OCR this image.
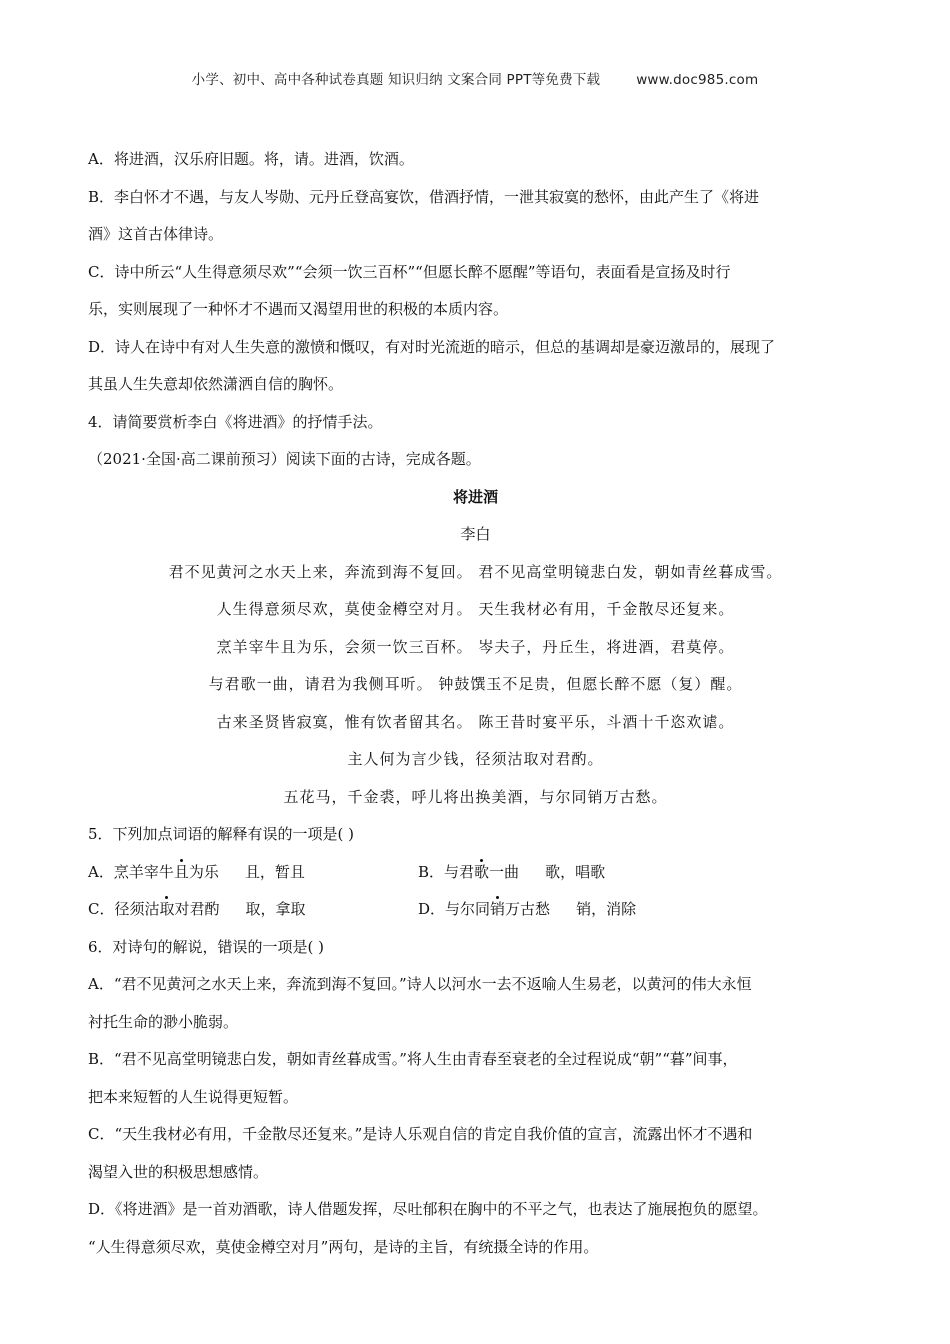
小学、初中、高中各种试卷真题 知识归纳 文案合同 PPT等免费下载	www.doc985.com

A．将进酒，汉乐府旧题。将，请。进酒，饮酒。

B．李白怀才不遇，与友人岑勋、元丹丘登高宴饮，借酒抒情，一泄其寂寞的愁怀，由此产生了《将进

酒》这首古体律诗。

C．诗中所云“人生得意须尽欢”“会须一饮三百杯”“但愿长醉不愿醒”等语句，表面看是宣扬及时行

乐，实则展现了一种怀才不遇而又渴望用世的积极的本质内容。

D．诗人在诗中有对人生失意的激愤和慨叹，有对时光流逝的暗示，但总的基调却是豪迈激昂的，展现了

其虽人生失意却依然潇洒自信的胸怀。

4．请简要赏析李白《将进酒》的抒情手法。

（2021·全国·高二课前预习）阅读下面的古诗，完成各题。

将进酒

李白

君不见黄河之水天上来，奔流到海不复回。 君不见高堂明镜悲白发，朝如青丝暮成雪。

人生得意须尽欢，莫使金樽空对月。 天生我材必有用，千金散尽还复来。

烹羊宰牛且为乐，会须一饮三百杯。 岑夫子，丹丘生，将进酒，君莫停。

与君歌一曲，请君为我侧耳听。 钟鼓馔玉不足贵，但愿长醉不愿（复）醒。

古来圣贤皆寂寞，惟有饮者留其名。 陈王昔时宴平乐，斗酒十千恣欢谑。

主人何为言少钱，径须沽取对君酌。

五花马，千金裘，呼儿将出换美酒，与尔同销万古愁。

5．下列加点词语的解释有误的一项是( )

A．烹羊宰牛且为乐 且，暂且	B．与君歌一曲 歌，唱歌
C．径须沽取对君酌 取，拿取	D．与尔同销万古愁 销，消除

6．对诗句的解说，错误的一项是( )

A．“君不见黄河之水天上来，奔流到海不复回。”诗人以河水一去不返喻人生易老，以黄河的伟大永恒

衬托生命的渺小脆弱。

B．“君不见高堂明镜悲白发，朝如青丝暮成雪。”将人生由青春至衰老的全过程说成“朝”“暮”间事，

把本来短暂的人生说得更短暂。

C．“天生我材必有用，千金散尽还复来。”是诗人乐观自信的肯定自我价值的宣言，流露出怀才不遇和

渴望入世的积极思想感情。

D．《将进酒》是一首劝酒歌，诗人借题发挥，尽吐郁积在胸中的不平之气，也表达了施展抱负的愿望。

“人生得意须尽欢，莫使金樽空对月”两句，是诗的主旨，有统摄全诗的作用。
